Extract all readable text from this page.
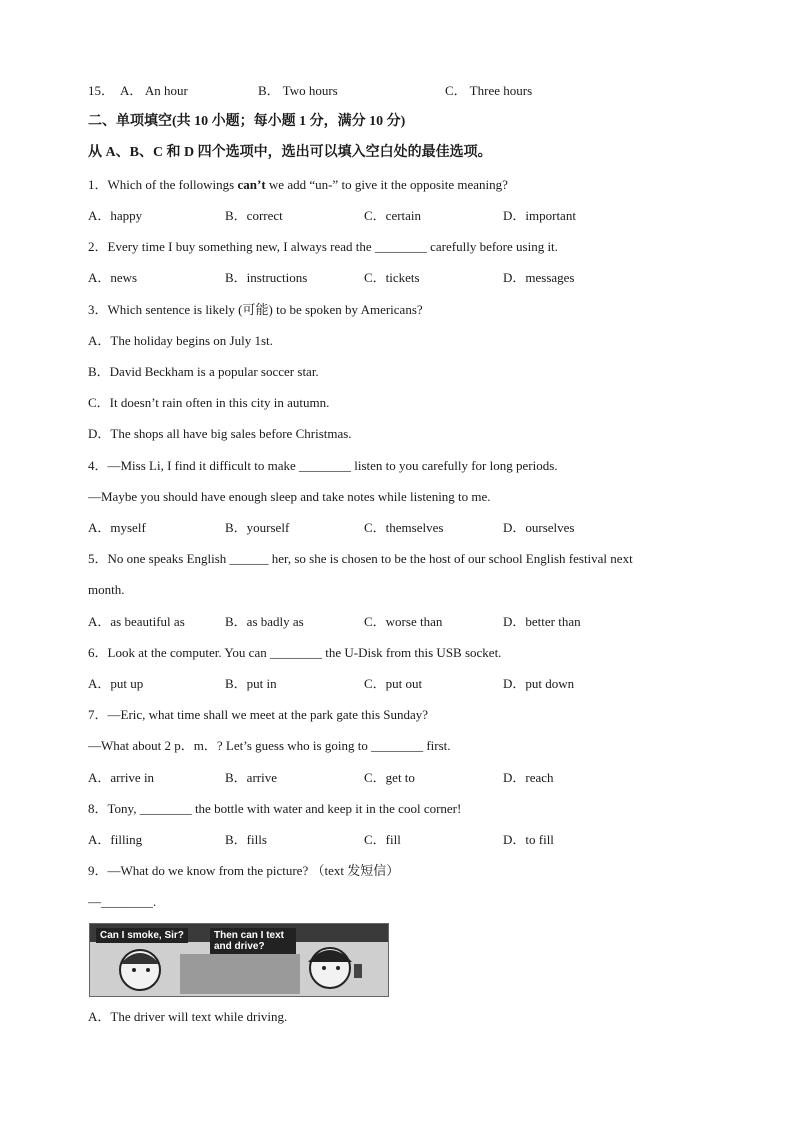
15． A． An hour	B． Two hours	C． Three hours
二、单项填空(共 10 小题；每小题 1 分，满分 10 分)
从 A、B、C 和 D 四个选项中，选出可以填入空白处的最佳选项。
1．Which of the followings can’t we add “un-” to give it the opposite meaning?
A．happy	B．correct	C．certain	D．important
2．Every time I buy something new, I always read the ________ carefully before using it.
A．news	B．instructions	C．tickets	D．messages
3．Which sentence is likely (可能) to be spoken by Americans?
A．The holiday begins on July 1st.
B．David Beckham is a popular soccer star.
C．It doesn’t rain often in this city in autumn.
D．The shops all have big sales before Christmas.
4．—Miss Li, I find it difficult to make ________ listen to you carefully for long periods.
—Maybe you should have enough sleep and take notes while listening to me.
A．myself	B．yourself	C．themselves	D．ourselves
5．No one speaks English ______ her, so she is chosen to be the host of our school English festival next
month.
A．as beautiful as	B．as badly as	C．worse than	D．better than
6．Look at the computer. You can ________ the U-Disk from this USB socket.
A．put up	B．put in	C．put out	D．put down
7．—Eric, what time shall we meet at the park gate this Sunday?
—What about 2 p．m．? Let’s guess who is going to ________ first.
A．arrive in	B．arrive	C．get to	D．reach
8．Tony, ________ the bottle with water and keep it in the cool corner!
A．filling	B．fills	C．fill	D．to fill
9．—What do we know from the picture? （text 发短信）
—________.
Can I smoke, Sir?	Then can I text and drive?
A．The driver will text while driving.
